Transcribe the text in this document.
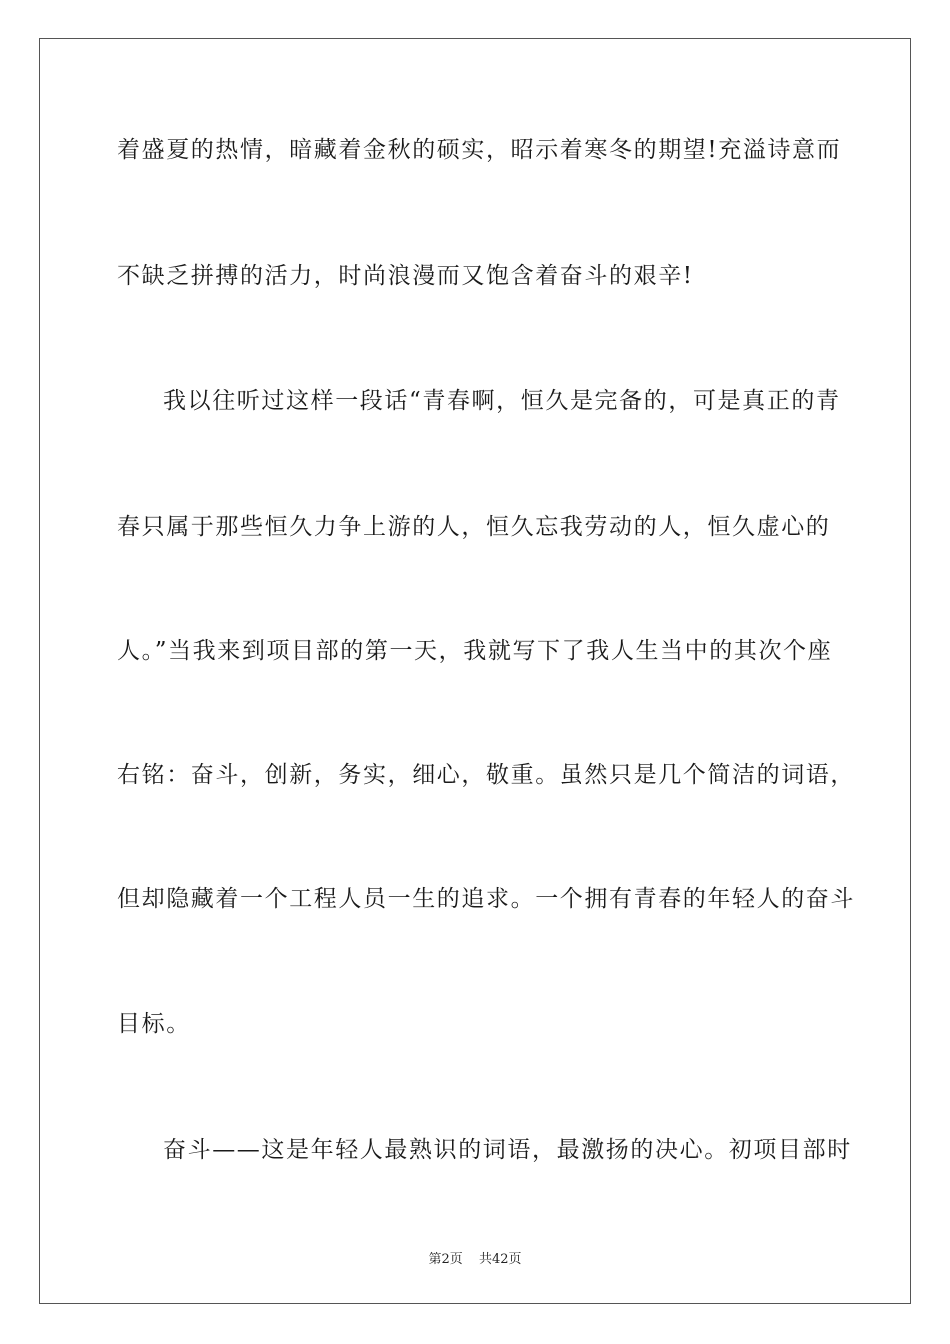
着盛夏的热情，暗藏着金秋的硕实，昭示着寒冬的期望!充溢诗意而
不缺乏拼搏的活力，时尚浪漫而又饱含着奋斗的艰辛!
我以往听过这样一段话“青春啊，恒久是完备的，可是真正的青
春只属于那些恒久力争上游的人，恒久忘我劳动的人，恒久虚心的
人。”当我来到项目部的第一天，我就写下了我人生当中的其次个座
右铭：奋斗，创新，务实，细心，敬重。虽然只是几个简洁的词语，
但却隐藏着一个工程人员一生的追求。一个拥有青春的年轻人的奋斗
目标。
奋斗——这是年轻人最熟识的词语，最激扬的决心。初项目部时
第2页 共42页
